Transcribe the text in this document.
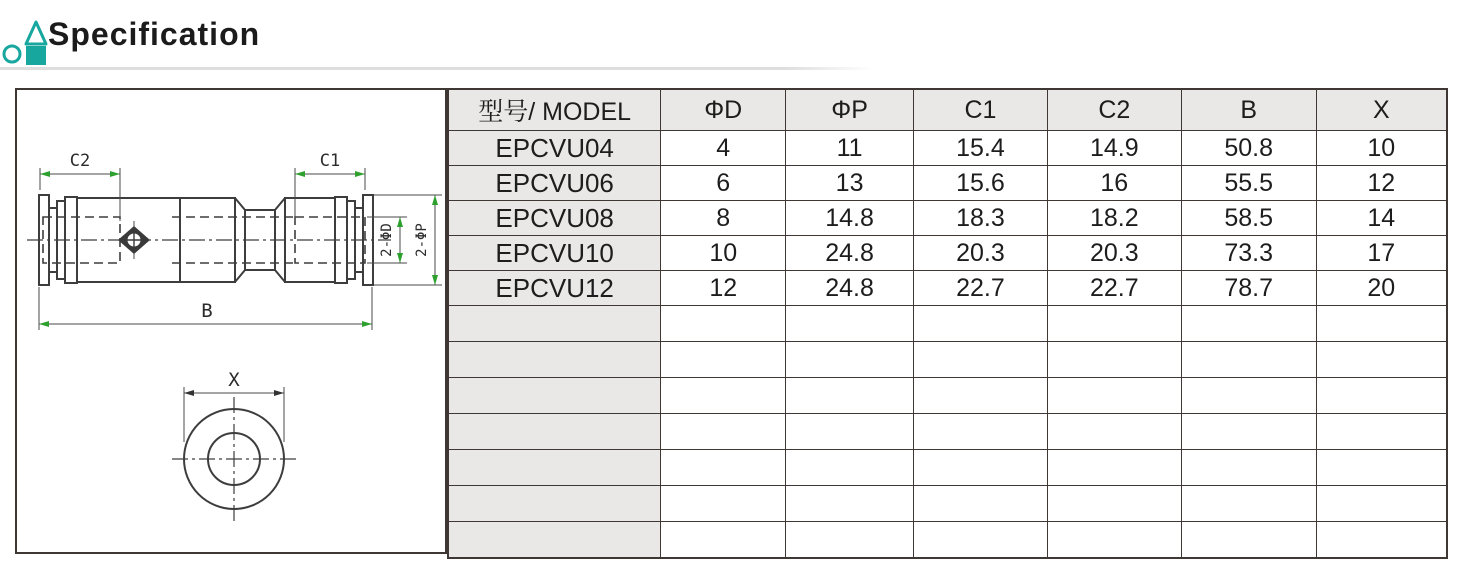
Specification
C2	C1
B
2-ΦD 2-ΦP
X
型号/ MODEL	ΦD	ΦP	C1	C2	B	X
EPCVU04	4	11	15.4	14.9	50.8	10
EPCVU06	6	13	15.6	16	55.5	12
EPCVU08	8	14.8	18.3	18.2	58.5	14
EPCVU10	10	24.8	20.3	20.3	73.3	17
EPCVU12	12	24.8	22.7	22.7	78.7	20
